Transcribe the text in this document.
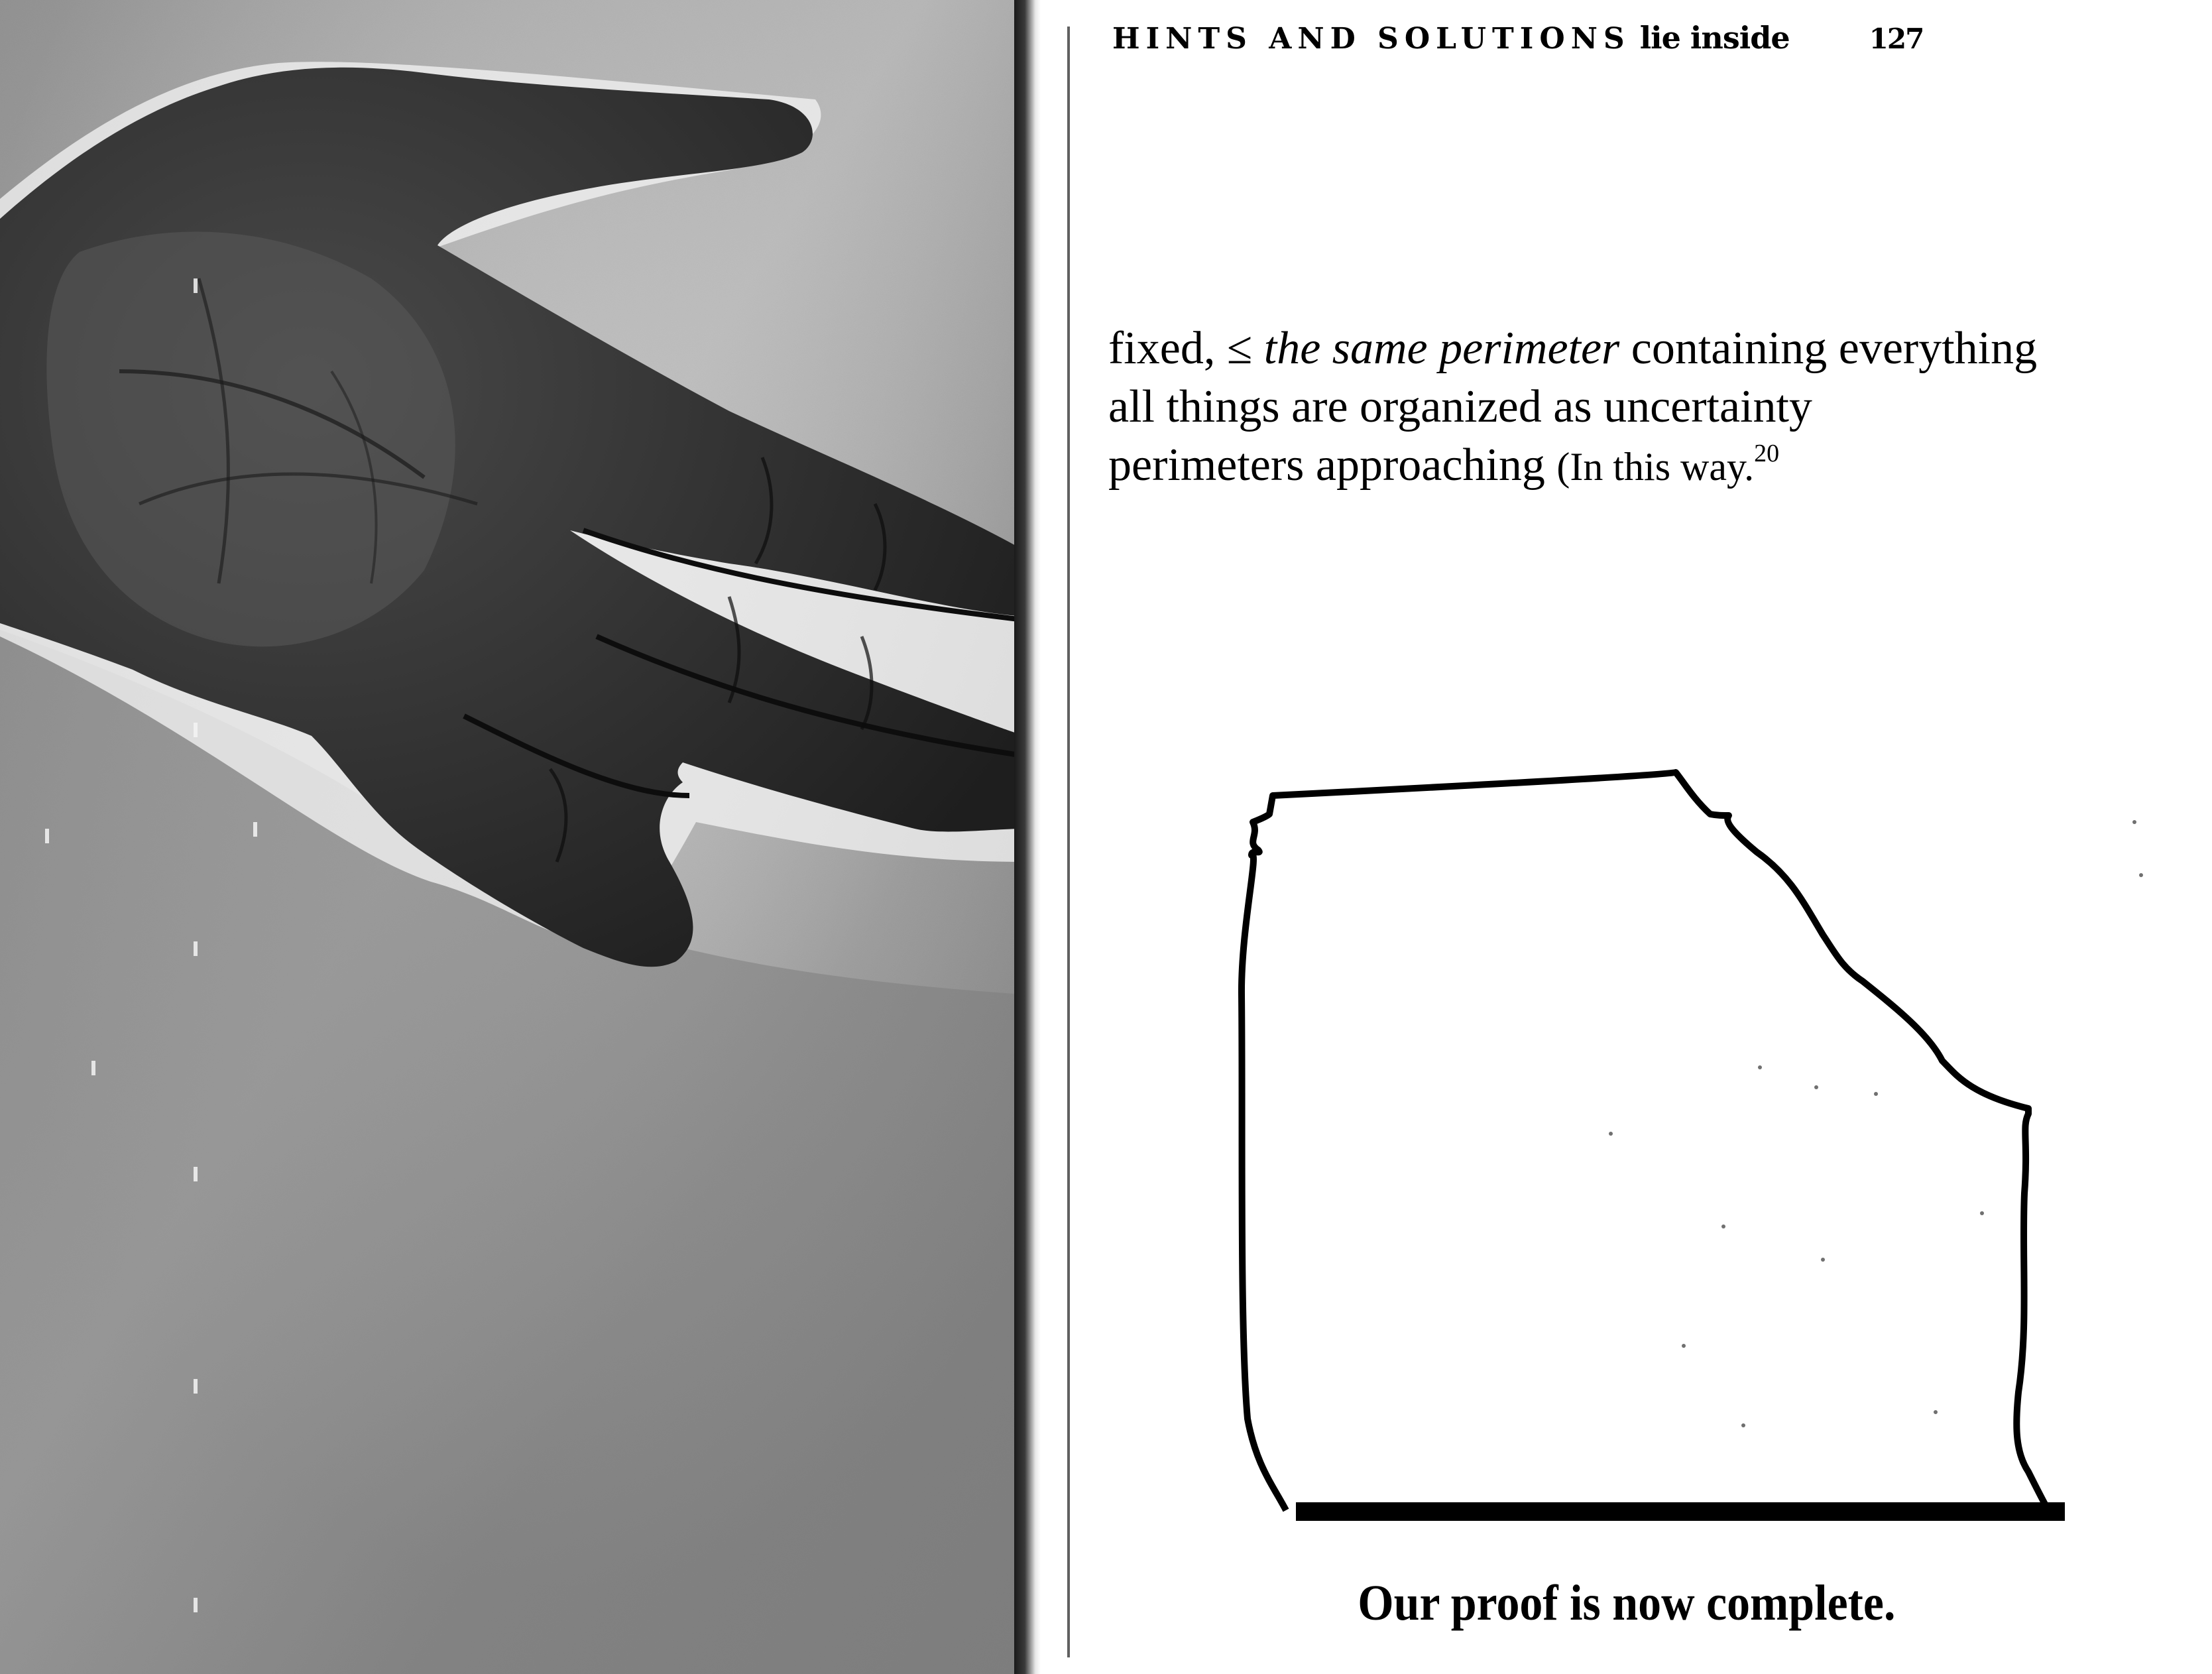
HINTS AND SOLUTIONS lie inside	127
fixed, ≤ the same perimeter containing everything
all things are organized as uncertainty
perimeters approaching (In this way.$^{20}$
Our proof is now complete.
